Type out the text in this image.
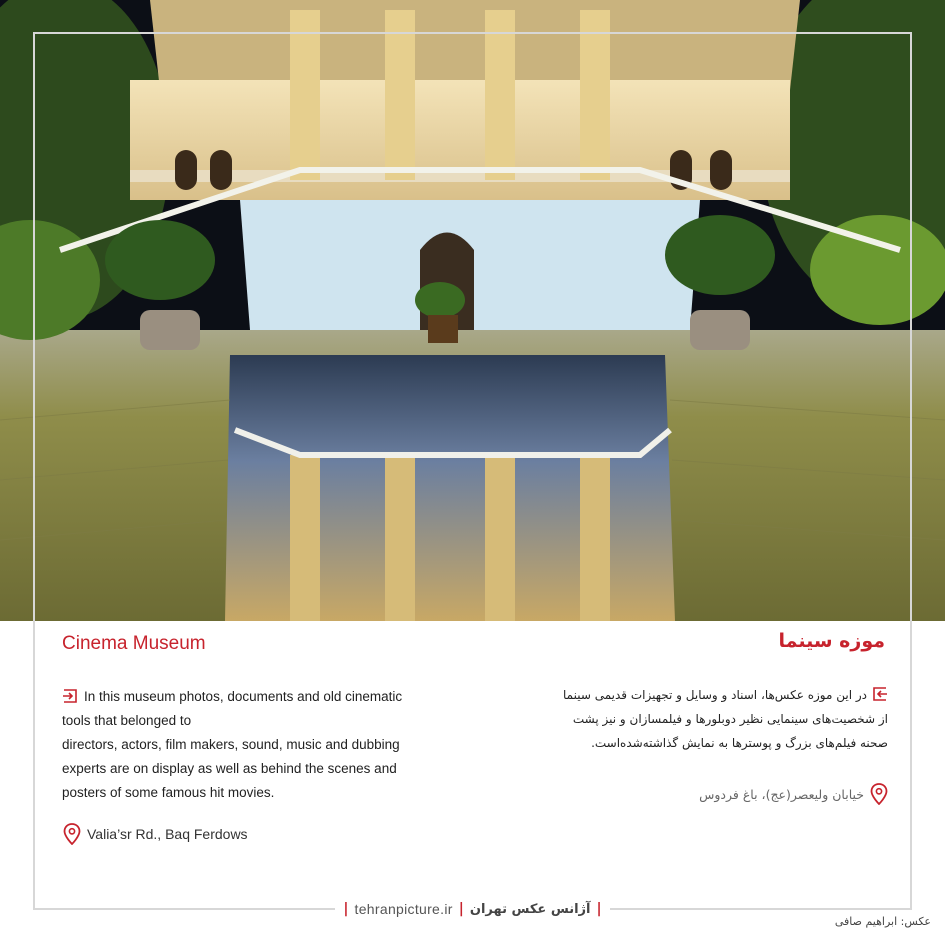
Cinema Museum	موزه سینما
In this museum photos, documents and old cinematic
tools that belonged to
directors, actors, film makers, sound, music and dubbing
experts are on display as well as behind the scenes and
posters of some famous hit movies.
Valia’sr Rd., Baq Ferdows
در این موزه عکس‌ها، اسناد و وسایل و تجهیزات قدیمی سینما
از شخصیت‌های سینمایی نظیر دوبلورها و فیلمسازان و نیز پشت
صحنه فیلم‌های بزرگ و پوستر‌ها به نمایش گذاشته‌شده‌است.
خیابان ولیعصر(عج)، باغ فردوس
| tehranpicture.ir | آژانس عکس تهران |
عکس: ابراهیم صافی
